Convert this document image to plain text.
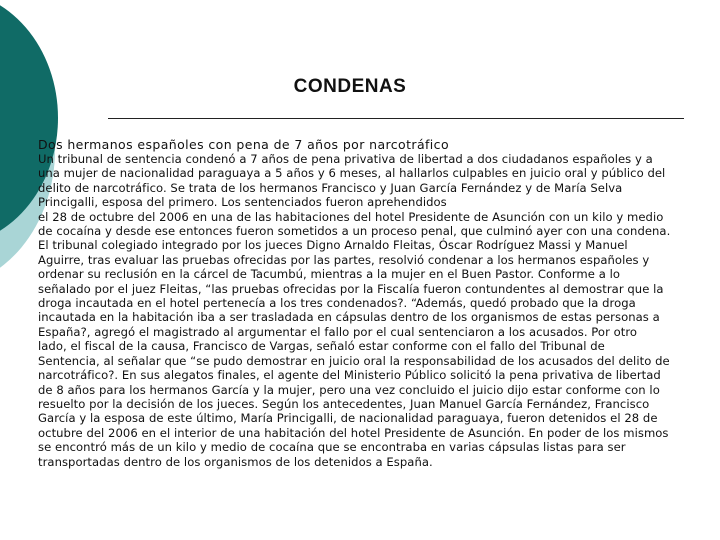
CONDENAS
Dos hermanos españoles con pena de 7 años por narcotráfico
Un tribunal de sentencia condenó a 7 años de pena privativa de libertad a dos ciudadanos españoles y a
una mujer de nacionalidad paraguaya a 5 años y 6 meses, al hallarlos culpables en juicio oral y público del
delito de narcotráfico. Se trata de los hermanos Francisco y Juan García Fernández y de María Selva
Princigalli, esposa del primero. Los sentenciados fueron aprehendidos
el 28 de octubre del 2006 en una de las habitaciones del hotel Presidente de Asunción con un kilo y medio
de cocaína y desde ese entonces fueron sometidos a un proceso penal, que culminó ayer con una condena.
El tribunal colegiado integrado por los jueces Digno Arnaldo Fleitas, Óscar Rodríguez Massi y Manuel
Aguirre, tras evaluar las pruebas ofrecidas por las partes, resolvió condenar a los hermanos españoles y
ordenar su reclusión en la cárcel de Tacumbú, mientras a la mujer en el Buen Pastor. Conforme a lo
señalado por el juez Fleitas, “las pruebas ofrecidas por la Fiscalía fueron contundentes al demostrar que la
droga incautada en el hotel pertenecía a los tres condenados?. “Además, quedó probado que la droga
incautada en la habitación iba a ser trasladada en cápsulas dentro de los organismos de estas personas a
España?, agregó el magistrado al argumentar el fallo por el cual sentenciaron a los acusados. Por otro
lado, el fiscal de la causa, Francisco de Vargas, señaló estar conforme con el fallo del Tribunal de
Sentencia, al señalar que “se pudo demostrar en juicio oral la responsabilidad de los acusados del delito de
narcotráfico?. En sus alegatos finales, el agente del Ministerio Público solicitó la pena privativa de libertad
de 8 años para los hermanos García y la mujer, pero una vez concluido el juicio dijo estar conforme con lo
resuelto por la decisión de los jueces. Según los antecedentes, Juan Manuel García Fernández, Francisco
García y la esposa de este último, María Princigalli, de nacionalidad paraguaya, fueron detenidos el 28 de
octubre del 2006 en el interior de una habitación del hotel Presidente de Asunción. En poder de los mismos
se encontró más de un kilo y medio de cocaína que se encontraba en varias cápsulas listas para ser
transportadas dentro de los organismos de los detenidos a España.
